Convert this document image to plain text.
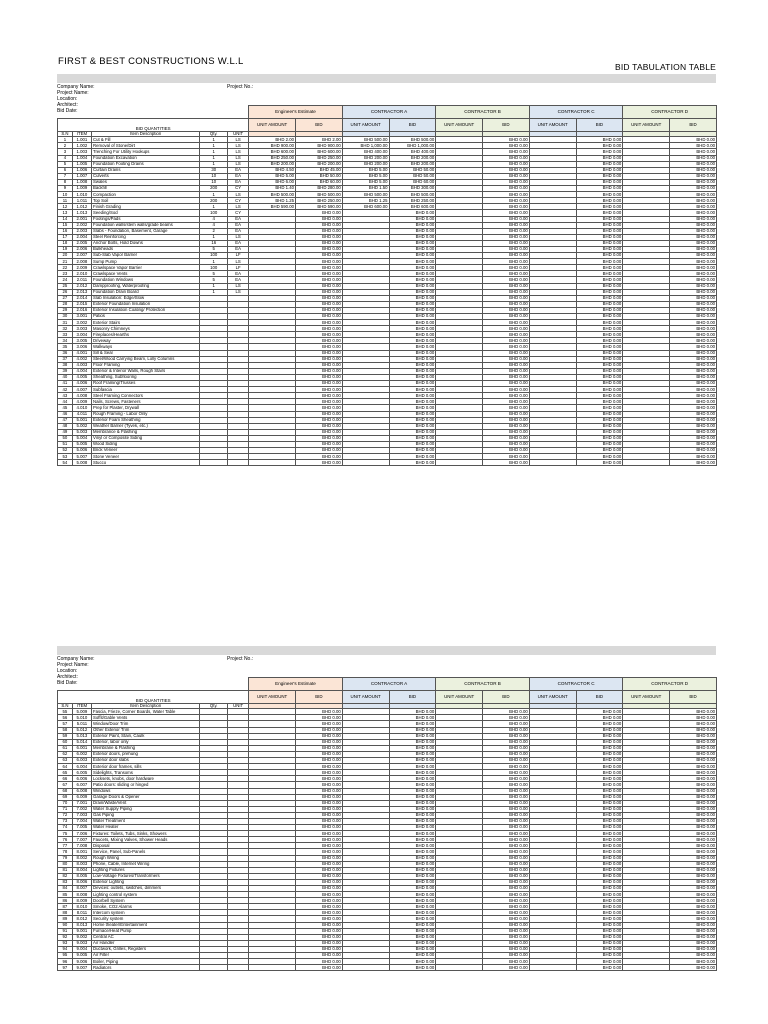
FIRST & BEST CONSTRUCTIONS W.L.L	BID TABULATION TABLE
Company Name:
Project Name:
Location:
Architect:
Bid Date:
Project No.:
					Engineer's Estimate		CONTRACTOR A		CONTRACTOR B		CONTRACTOR C		CONTRACTOR D	
BID QUANTITIES					UNIT AMOUNT	BID	UNIT AMOUNT	BID	UNIT AMOUNT	BID	UNIT AMOUNT	BID	UNIT AMOUNT	BID
S.N	ITEM	Item Description	Qty.	UNIT										
1	1.001	Cut & Fill	1	LS	BHD 2.00	BHD 2.00	BHD 500.00	BHD 500.00		BHD 0.00		BHD 0.00		BHD 0.00
2	1.002	Removal of Stone/Dirt	1	LS	BHD 900.00	BHD 900.00	BHD 1,000.00	BHD 1,000.00		BHD 0.00		BHD 0.00		BHD 0.00
3	1.003	Trenching For Utility Hookups	1	LS	BHD 600.00	BHD 600.00	BHD 400.00	BHD 400.00		BHD 0.00		BHD 0.00		BHD 0.00
4	1.004	Foundation Excavation	1	LS	BHD 250.00	BHD 250.00	BHD 200.00	BHD 200.00		BHD 0.00		BHD 0.00		BHD 0.00
5	1.005	Foundation Footing Drains	1	LS	BHD 200.00	BHD 200.00	BHD 200.00	BHD 200.00		BHD 0.00		BHD 0.00		BHD 0.00
6	1.006	Curtain Drains	30	EA	BHD 4.50	BHD 45.00	BHD 5.00	BHD 50.00		BHD 0.00		BHD 0.00		BHD 0.00
7	1.007	Culverts	10	EA	BHD 5.00	BHD 50.00	BHD 5.00	BHD 50.00		BHD 0.00		BHD 0.00		BHD 0.00
8	1.008	Swales	10	EA	BHD 6.00	BHD 60.00	BHD 5.00	BHD 60.00		BHD 0.00		BHD 0.00		BHD 0.00
9	1.009	Backfill	200	CY	BHD 1.40	BHD 280.00	BHD 1.50	BHD 300.00		BHD 0.00		BHD 0.00		BHD 0.00
10	1.010	Compaction	1	LS	BHD 500.00	BHD 500.00	BHD 500.00	BHD 500.00		BHD 0.00		BHD 0.00		BHD 0.00
11	1.011	Top Soil	200	CY	BHD 1.25	BHD 250.00	BHD 1.25	BHD 250.00		BHD 0.00		BHD 0.00		BHD 0.00
12	1.012	Finish Grading	1	LS	BHD 590.00	BHD 590.00	BHD 600.00	BHD 600.00		BHD 0.00		BHD 0.00		BHD 0.00
13	1.013	Seeding/Sod	100	CY		BHD 0.00		BHD 0.00		BHD 0.00		BHD 0.00		BHD 0.00
14	2.001	Footings/Pads	4	EA		BHD 0.00		BHD 0.00		BHD 0.00		BHD 0.00		BHD 0.00
15	2.002	Foundation walls/stem walls/grade beams	4	EA		BHD 0.00		BHD 0.00		BHD 0.00		BHD 0.00		BHD 0.00
16	2.003	Slabs - Foundation, Basement, Garage	2	EA		BHD 0.00		BHD 0.00		BHD 0.00		BHD 0.00		BHD 0.00
17	2.004	Steel Reinforcing	1	LS		BHD 0.00		BHD 0.00		BHD 0.00		BHD 0.00		BHD 0.00
18	2.005	Anchor Bolts, Hold Downs	16	EA		BHD 0.00		BHD 0.00		BHD 0.00		BHD 0.00		BHD 0.00
19	2.006	Bulkheads	5	EA		BHD 0.00		BHD 0.00		BHD 0.00		BHD 0.00		BHD 0.00
20	2.007	Sub-Slab Vapor Barrier	100	LF		BHD 0.00		BHD 0.00		BHD 0.00		BHD 0.00		BHD 0.00
21	2.008	Sump Pump	1	LS		BHD 0.00		BHD 0.00		BHD 0.00		BHD 0.00		BHD 0.00
22	2.009	Crawlspace Vapor Barrier	100	LF		BHD 0.00		BHD 0.00		BHD 0.00		BHD 0.00		BHD 0.00
23	2.010	Crawlspace Vents	5	EA		BHD 0.00		BHD 0.00		BHD 0.00		BHD 0.00		BHD 0.00
24	2.011	Foundation Windows	5	EA		BHD 0.00		BHD 0.00		BHD 0.00		BHD 0.00		BHD 0.00
25	2.012	Dampproofing, Waterproofing	1	LS		BHD 0.00		BHD 0.00		BHD 0.00		BHD 0.00		BHD 0.00
26	2.013	Foundation Drain Board	1	LS		BHD 0.00		BHD 0.00		BHD 0.00		BHD 0.00		BHD 0.00
27	2.014	Slab Insulation: Edge/Slow				BHD 0.00		BHD 0.00		BHD 0.00		BHD 0.00		BHD 0.00
28	2.015	Exterior Foundation Insulation				BHD 0.00		BHD 0.00		BHD 0.00		BHD 0.00		BHD 0.00
29	2.016	Exterior Insulation Coating/ Protection				BHD 0.00		BHD 0.00		BHD 0.00		BHD 0.00		BHD 0.00
30	3.001	Patios				BHD 0.00		BHD 0.00		BHD 0.00		BHD 0.00		BHD 0.00
31	3.002	Exterior Stairs				BHD 0.00		BHD 0.00		BHD 0.00		BHD 0.00		BHD 0.00
32	3.003	Masonry Chimneys				BHD 0.00		BHD 0.00		BHD 0.00		BHD 0.00		BHD 0.00
33	3.004	Fireplaces/Hearths				BHD 0.00		BHD 0.00		BHD 0.00		BHD 0.00		BHD 0.00
34	3.005	Driveway				BHD 0.00		BHD 0.00		BHD 0.00		BHD 0.00		BHD 0.00
35	3.006	Walkways				BHD 0.00		BHD 0.00		BHD 0.00		BHD 0.00		BHD 0.00
36	4.001	Sill & Seal				BHD 0.00		BHD 0.00		BHD 0.00		BHD 0.00		BHD 0.00
37	4.002	Steel/Wood Carrying Beam, Lolly Columns				BHD 0.00		BHD 0.00		BHD 0.00		BHD 0.00		BHD 0.00
38	4.003	Floor Framing				BHD 0.00		BHD 0.00		BHD 0.00		BHD 0.00		BHD 0.00
39	4.004	Exterior & Interior Walls, Rough Stairs				BHD 0.00		BHD 0.00		BHD 0.00		BHD 0.00		BHD 0.00
40	4.005	Sheathing, Subflooring				BHD 0.00		BHD 0.00		BHD 0.00		BHD 0.00		BHD 0.00
41	4.006	Roof Framing/Trusses				BHD 0.00		BHD 0.00		BHD 0.00		BHD 0.00		BHD 0.00
42	4.007	Subfascia				BHD 0.00		BHD 0.00		BHD 0.00		BHD 0.00		BHD 0.00
43	4.008	Steel Framing Connectors				BHD 0.00		BHD 0.00		BHD 0.00		BHD 0.00		BHD 0.00
44	4.009	Nails, Screws, Fasteners				BHD 0.00		BHD 0.00		BHD 0.00		BHD 0.00		BHD 0.00
45	4.010	Prep for Plaster, Drywall				BHD 0.00		BHD 0.00		BHD 0.00		BHD 0.00		BHD 0.00
46	4.011	Rough Framing - Labor Only				BHD 0.00		BHD 0.00		BHD 0.00		BHD 0.00		BHD 0.00
47	5.001	Exterior Foam Sheathing				BHD 0.00		BHD 0.00		BHD 0.00		BHD 0.00		BHD 0.00
48	5.002	Weather Barrier (Tyvek, etc.)				BHD 0.00		BHD 0.00		BHD 0.00		BHD 0.00		BHD 0.00
49	5.003	Membrance & Flashing				BHD 0.00		BHD 0.00		BHD 0.00		BHD 0.00		BHD 0.00
50	5.004	Vinyl or Composite Siding				BHD 0.00		BHD 0.00		BHD 0.00		BHD 0.00		BHD 0.00
51	5.005	Wood Siding				BHD 0.00		BHD 0.00		BHD 0.00		BHD 0.00		BHD 0.00
52	5.006	Brick Veneer				BHD 0.00		BHD 0.00		BHD 0.00		BHD 0.00		BHD 0.00
53	5.007	Stone Veneer				BHD 0.00		BHD 0.00		BHD 0.00		BHD 0.00		BHD 0.00
54	5.008	Stucco				BHD 0.00		BHD 0.00		BHD 0.00		BHD 0.00		BHD 0.00
Company Name:
Project Name:
Location:
Architect:
Bid Date:
Project No.:
					Engineer's Estimate		CONTRACTOR A		CONTRACTOR B		CONTRACTOR C		CONTRACTOR D	
BID QUANTITIES					UNIT AMOUNT	BID	UNIT AMOUNT	BID	UNIT AMOUNT	BID	UNIT AMOUNT	BID	UNIT AMOUNT	BID
S.N	ITEM	Item Description	Qty.	UNIT										
55	5.009	Fascia, Frieze, Corner Boards, Water Table				BHD 0.00		BHD 0.00		BHD 0.00		BHD 0.00		BHD 0.00
56	5.010	Soffit/Gable Vents				BHD 0.00		BHD 0.00		BHD 0.00		BHD 0.00		BHD 0.00
57	5.011	Window/Door Trim				BHD 0.00		BHD 0.00		BHD 0.00		BHD 0.00		BHD 0.00
58	5.012	Other Exterior Trim				BHD 0.00		BHD 0.00		BHD 0.00		BHD 0.00		BHD 0.00
59	5.013	Exterior Paint, Stain, Caulk				BHD 0.00		BHD 0.00		BHD 0.00		BHD 0.00		BHD 0.00
60	5.014	Exterior, labor only				BHD 0.00		BHD 0.00		BHD 0.00		BHD 0.00		BHD 0.00
61	6.001	Membrane & Flashing				BHD 0.00		BHD 0.00		BHD 0.00		BHD 0.00		BHD 0.00
62	6.002	Exterior doors, prehung				BHD 0.00		BHD 0.00		BHD 0.00		BHD 0.00		BHD 0.00
63	6.003	Exterior door slabs				BHD 0.00		BHD 0.00		BHD 0.00		BHD 0.00		BHD 0.00
64	6.004	Exterior door frames, sills				BHD 0.00		BHD 0.00		BHD 0.00		BHD 0.00		BHD 0.00
65	6.005	Sidelights, Transoms				BHD 0.00		BHD 0.00		BHD 0.00		BHD 0.00		BHD 0.00
66	6.006	Locksets, knobs, door hardware				BHD 0.00		BHD 0.00		BHD 0.00		BHD 0.00		BHD 0.00
67	6.007	Patio doors: sliding or hinged				BHD 0.00		BHD 0.00		BHD 0.00		BHD 0.00		BHD 0.00
68	6.008	Windows				BHD 0.00		BHD 0.00		BHD 0.00		BHD 0.00		BHD 0.00
69	6.009	Garage Doors & Opener				BHD 0.00		BHD 0.00		BHD 0.00		BHD 0.00		BHD 0.00
70	7.001	Drain/Waste/Vent				BHD 0.00		BHD 0.00		BHD 0.00		BHD 0.00		BHD 0.00
71	7.002	Water Supply Piping				BHD 0.00		BHD 0.00		BHD 0.00		BHD 0.00		BHD 0.00
72	7.003	Gas Piping				BHD 0.00		BHD 0.00		BHD 0.00		BHD 0.00		BHD 0.00
73	7.004	Water Treatment				BHD 0.00		BHD 0.00		BHD 0.00		BHD 0.00		BHD 0.00
74	7.005	Water Heater				BHD 0.00		BHD 0.00		BHD 0.00		BHD 0.00		BHD 0.00
75	7.006	Fixtures: Toilets, Tubs, Sinks, Showers				BHD 0.00		BHD 0.00		BHD 0.00		BHD 0.00		BHD 0.00
76	7.007	Faucets, Mixing Valves, Shower Heads				BHD 0.00		BHD 0.00		BHD 0.00		BHD 0.00		BHD 0.00
77	7.008	Disposal				BHD 0.00		BHD 0.00		BHD 0.00		BHD 0.00		BHD 0.00
78	8.001	Service, Panel, Sub-Panels				BHD 0.00		BHD 0.00		BHD 0.00		BHD 0.00		BHD 0.00
79	8.002	Rough Wiring				BHD 0.00		BHD 0.00		BHD 0.00		BHD 0.00		BHD 0.00
80	8.003	Phone, Cable, Internet Wiring				BHD 0.00		BHD 0.00		BHD 0.00		BHD 0.00		BHD 0.00
81	8.004	Lighting Fixtures				BHD 0.00		BHD 0.00		BHD 0.00		BHD 0.00		BHD 0.00
82	8.005	Low-Voltage Fixtures/Transformers				BHD 0.00		BHD 0.00		BHD 0.00		BHD 0.00		BHD 0.00
83	8.006	Exterior Lighting				BHD 0.00		BHD 0.00		BHD 0.00		BHD 0.00		BHD 0.00
84	8.007	Devices: outlets, switches, dimmers				BHD 0.00		BHD 0.00		BHD 0.00		BHD 0.00		BHD 0.00
85	8.008	Lighting control system				BHD 0.00		BHD 0.00		BHD 0.00		BHD 0.00		BHD 0.00
86	8.009	Doorbell System				BHD 0.00		BHD 0.00		BHD 0.00		BHD 0.00		BHD 0.00
87	8.010	Smoke, CO2 Alarms				BHD 0.00		BHD 0.00		BHD 0.00		BHD 0.00		BHD 0.00
88	8.011	Intercom system				BHD 0.00		BHD 0.00		BHD 0.00		BHD 0.00		BHD 0.00
89	8.012	Security system				BHD 0.00		BHD 0.00		BHD 0.00		BHD 0.00		BHD 0.00
90	8.013	Home theater/Entertainment				BHD 0.00		BHD 0.00		BHD 0.00		BHD 0.00		BHD 0.00
91	9.001	Furnace/Heat Pump				BHD 0.00		BHD 0.00		BHD 0.00		BHD 0.00		BHD 0.00
92	9.002	Central AC				BHD 0.00		BHD 0.00		BHD 0.00		BHD 0.00		BHD 0.00
93	9.003	Air Handler				BHD 0.00		BHD 0.00		BHD 0.00		BHD 0.00		BHD 0.00
94	9.004	Ductwork, Grilles, Registers				BHD 0.00		BHD 0.00		BHD 0.00		BHD 0.00		BHD 0.00
95	9.005	Air Filter				BHD 0.00		BHD 0.00		BHD 0.00		BHD 0.00		BHD 0.00
96	9.006	Boiler, Piping				BHD 0.00		BHD 0.00		BHD 0.00		BHD 0.00		BHD 0.00
97	9.007	Radiators				BHD 0.00		BHD 0.00		BHD 0.00		BHD 0.00		BHD 0.00
